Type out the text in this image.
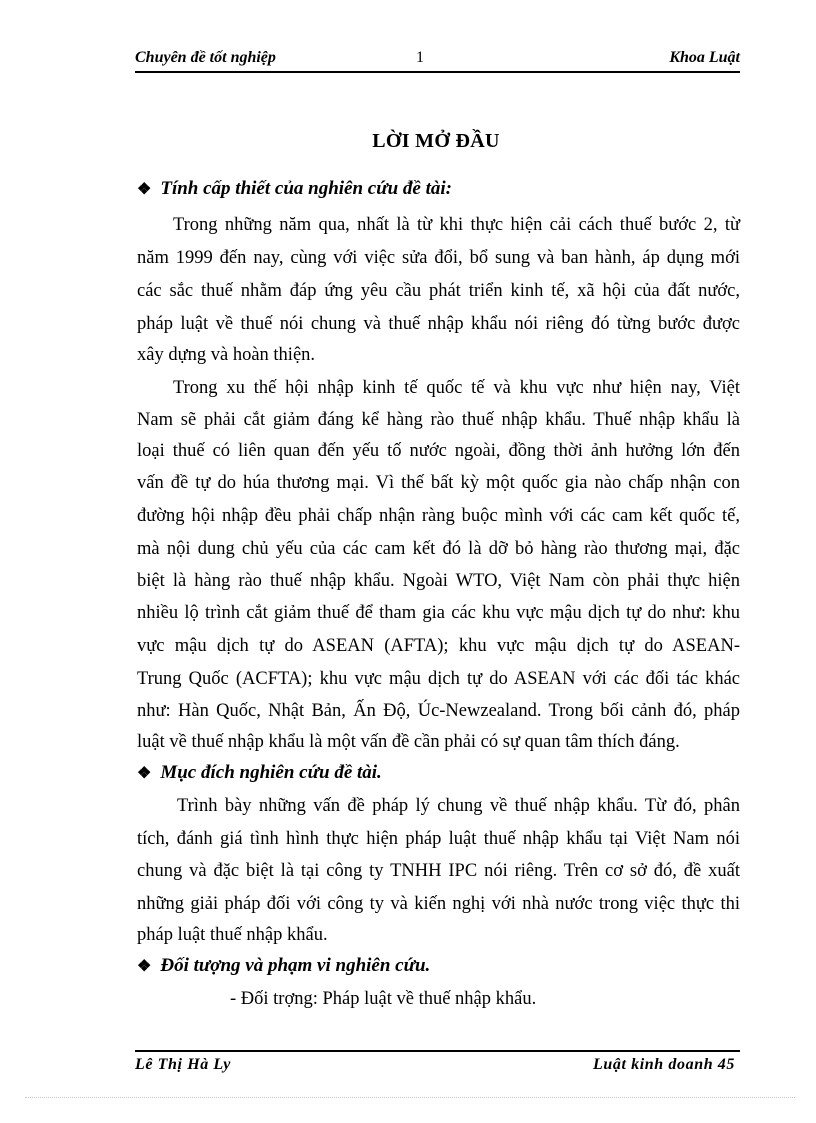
Chuyên đề tốt nghiệp	1	Khoa Luật
LỜI MỞ ĐẦU
❖ Tính cấp thiết của nghiên cứu đề tài:
Trong những năm qua, nhất là từ khi thực hiện cải cách thuế bước 2, từ
năm 1999 đến nay, cùng với việc sửa đổi, bổ sung và ban hành, áp dụng mới
các sắc thuế nhằm đáp ứng yêu cầu phát triển kinh tế, xã hội của đất nước,
pháp luật về thuế nói chung và thuế nhập khẩu nói riêng đó từng bước được
xây dựng và hoàn thiện.
Trong xu thế hội nhập kinh tế quốc tế và khu vực như hiện nay, Việt
Nam sẽ phải cắt giảm đáng kể hàng rào thuế nhập khẩu. Thuế nhập khẩu là
loại thuế có liên quan đến yếu tố nước ngoài, đồng thời ảnh hưởng lớn đến
vấn đề tự do húa thương mại. Vì thế bất kỳ một quốc gia nào chấp nhận con
đường hội nhập đều phải chấp nhận ràng buộc mình với các cam kết quốc tế,
mà nội dung chủ yếu của các cam kết đó là dỡ bỏ hàng rào thương mại, đặc
biệt là hàng rào thuế nhập khẩu. Ngoài WTO, Việt Nam còn phải thực hiện
nhiều lộ trình cắt giảm thuế để tham gia các khu vực mậu dịch tự do như: khu
vực mậu dịch tự do ASEAN (AFTA); khu vực mậu dịch tự do ASEAN-
Trung Quốc (ACFTA); khu vực mậu dịch tự do ASEAN với các đối tác khác
như: Hàn Quốc, Nhật Bản, Ấn Độ, Úc-Newzealand. Trong bối cảnh đó, pháp
luật về thuế nhập khẩu là một vấn đề cần phải có sự quan tâm thích đáng.
❖ Mục đích nghiên cứu đề tài.
Trình bày những vấn đề pháp lý chung về thuế nhập khẩu. Từ đó, phân
tích, đánh giá tình hình thực hiện pháp luật thuế nhập khẩu tại Việt Nam nói
chung và đặc biệt là tại công ty TNHH IPC nói riêng. Trên cơ sở đó, đề xuất
những giải pháp đối với công ty và kiến nghị với nhà nước trong việc thực thi
pháp luật thuế nhập khẩu.
❖ Đối tượng và phạm vi nghiên cứu.
- Đối trợng: Pháp luật về thuế nhập khẩu.
Lê Thị Hà Ly	Luật kinh doanh 45
